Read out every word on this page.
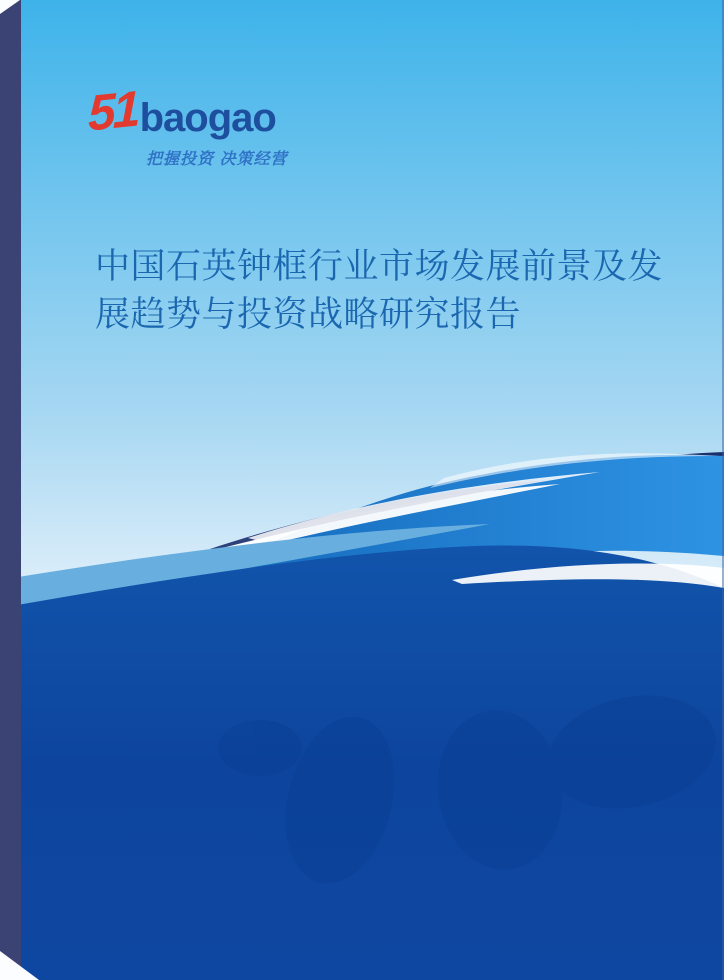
51 baogao
把握投资 决策经营
中国石英钟框行业市场发展前景及发
展趋势与投资战略研究报告
